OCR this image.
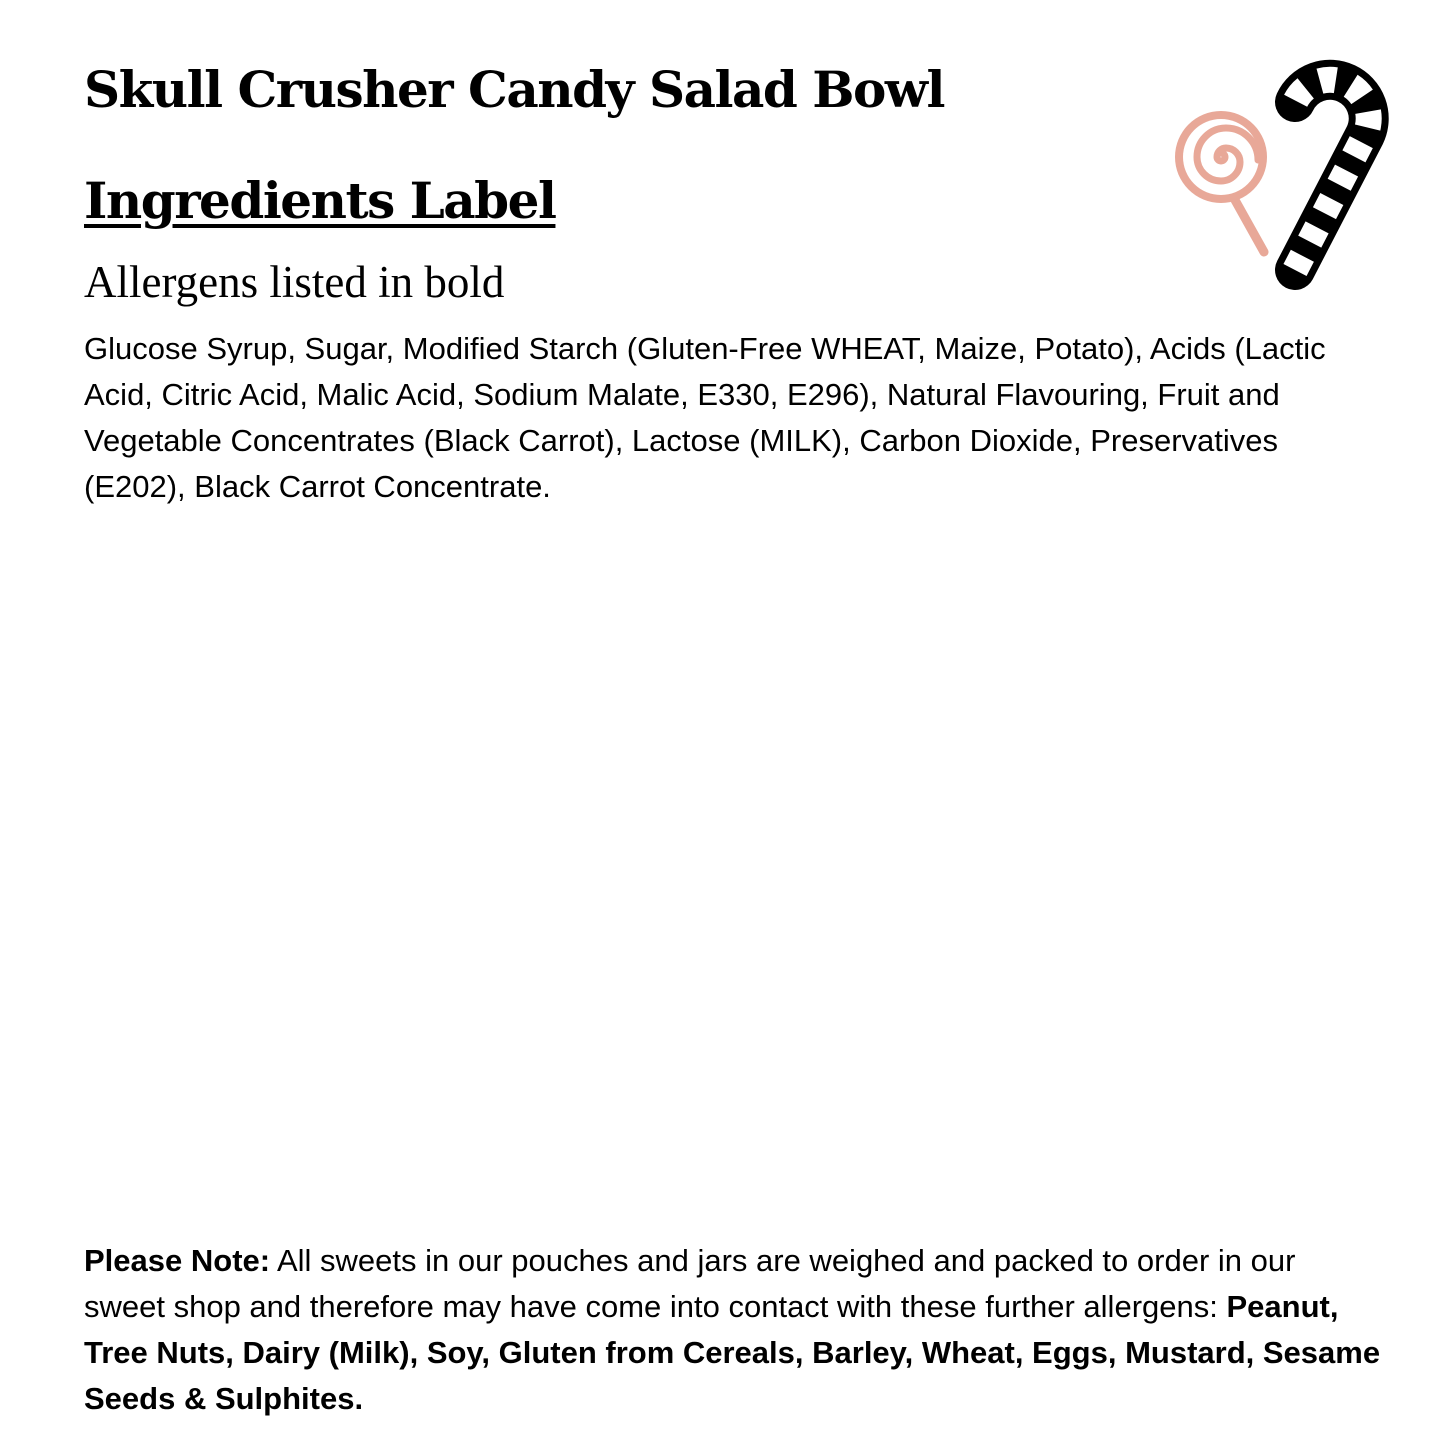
Skull Crusher Candy Salad Bowl
Ingredients Label

Allergens listed in bold

Glucose Syrup, Sugar, Modified Starch (Gluten-Free WHEAT, Maize, Potato), Acids (Lactic Acid, Citric Acid, Malic Acid, Sodium Malate, E330, E296), Natural Flavouring, Fruit and Vegetable Concentrates (Black Carrot), Lactose (MILK), Carbon Dioxide, Preservatives (E202), Black Carrot Concentrate.

Please Note: All sweets in our pouches and jars are weighed and packed to order in our sweet shop and therefore may have come into contact with these further allergens: Peanut, Tree Nuts, Dairy (Milk), Soy, Gluten from Cereals, Barley, Wheat, Eggs, Mustard, Sesame Seeds & Sulphites.
